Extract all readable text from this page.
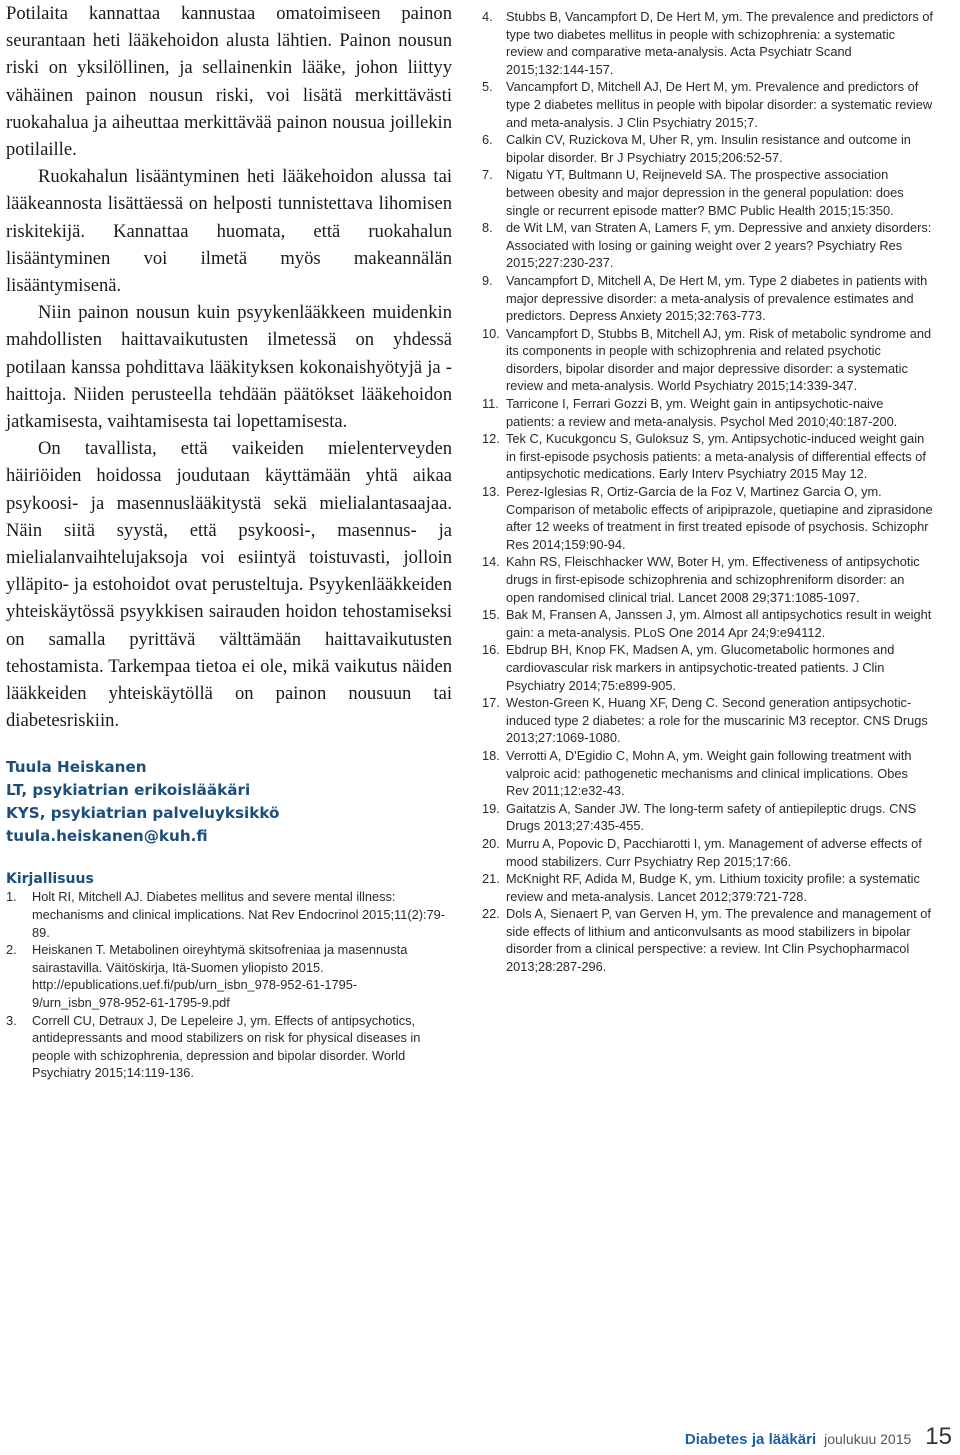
Potilaita kannattaa kannustaa omatoimiseen painon seurantaan heti lääkehoidon alusta lähtien. Painon nousun riski on yksilöllinen, ja sellainenkin lääke, johon liittyy vähäinen painon nousun riski, voi lisätä merkittävästi ruokahalua ja aiheuttaa merkittävää painon nousua joillekin potilaille.

Ruokahalun lisääntyminen heti lääkehoidon alussa tai lääkeannosta lisättäessä on helposti tunnistettava lihomisen riskitekijä. Kannattaa huomata, että ruokahalun lisääntyminen voi ilmetä myös makeannälän lisääntymisenä.

Niin painon nousun kuin psyykenlääkkeen muidenkin mahdollisten haittavaikutusten ilmetessä on yhdessä potilaan kanssa pohdittava lääkityksen kokonaishyötyjä ja -haittoja. Niiden perusteella tehdään päätökset lääkehoidon jatkamisesta, vaihtamisesta tai lopettamisesta.

On tavallista, että vaikeiden mielenterveyden häiriöiden hoidossa joudutaan käyttämään yhtä aikaa psykoosi- ja masennuslääkitystä sekä mielialantasaajaa. Näin siitä syystä, että psykoosi-, masennus- ja mielialanvaihtelujaksoja voi esiintyä toistuvasti, jolloin ylläpito- ja estohoidot ovat perusteltuja. Psyykenlääkkeiden yhteiskäytössä psyykkisen sairauden hoidon tehostamiseksi on samalla pyrittävä välttämään haittavaikutusten tehostamista. Tarkempaa tietoa ei ole, mikä vaikutus näiden lääkkeiden yhteiskäytöllä on painon nousuun tai diabetesriskiin.

Tuula Heiskanen
LT, psykiatrian erikoislääkäri
KYS, psykiatrian palveluyksikkö
tuula.heiskanen@kuh.fi
Kirjallisuus
1. Holt RI, Mitchell AJ. Diabetes mellitus and severe mental illness: mechanisms and clinical implications. Nat Rev Endocrinol 2015;11(2):79-89.
2. Heiskanen T. Metabolinen oireyhtymä skitsofreniaa ja masennusta sairastavilla. Väitöskirja, Itä-Suomen yliopisto 2015. http://epublications.uef.fi/pub/urn_isbn_978-952-61-1795-9/urn_isbn_978-952-61-1795-9.pdf
3. Correll CU, Detraux J, De Lepeleire J, ym. Effects of antipsychotics, antidepressants and mood stabilizers on risk for physical diseases in people with schizophrenia, depression and bipolar disorder. World Psychiatry 2015;14:119-136.
4. Stubbs B, Vancampfort D, De Hert M, ym. The prevalence and predictors of type two diabetes mellitus in people with schizophrenia: a systematic review and comparative meta-analysis. Acta Psychiatr Scand 2015;132:144-157.
5. Vancampfort D, Mitchell AJ, De Hert M, ym. Prevalence and predictors of type 2 diabetes mellitus in people with bipolar disorder: a systematic review and meta-analysis. J Clin Psychiatry 2015;7.
6. Calkin CV, Ruzickova M, Uher R, ym. Insulin resistance and outcome in bipolar disorder. Br J Psychiatry 2015;206:52-57.
7. Nigatu YT, Bultmann U, Reijneveld SA. The prospective association between obesity and major depression in the general population: does single or recurrent episode matter? BMC Public Health 2015;15:350.
8. de Wit LM, van Straten A, Lamers F, ym. Depressive and anxiety disorders: Associated with losing or gaining weight over 2 years? Psychiatry Res 2015;227:230-237.
9. Vancampfort D, Mitchell A, De Hert M, ym. Type 2 diabetes in patients with major depressive disorder: a meta-analysis of prevalence estimates and predictors. Depress Anxiety 2015;32:763-773.
10. Vancampfort D, Stubbs B, Mitchell AJ, ym. Risk of metabolic syndrome and its components in people with schizophrenia and related psychotic disorders, bipolar disorder and major depressive disorder: a systematic review and meta-analysis. World Psychiatry 2015;14:339-347.
11. Tarricone I, Ferrari Gozzi B, ym. Weight gain in antipsychotic-naive patients: a review and meta-analysis. Psychol Med 2010;40:187-200.
12. Tek C, Kucukgoncu S, Guloksuz S, ym. Antipsychotic-induced weight gain in first-episode psychosis patients: a meta-analysis of differential effects of antipsychotic medications. Early Interv Psychiatry 2015 May 12.
13. Perez-Iglesias R, Ortiz-Garcia de la Foz V, Martinez Garcia O, ym. Comparison of metabolic effects of aripiprazole, quetiapine and ziprasidone after 12 weeks of treatment in first treated episode of psychosis. Schizophr Res 2014;159:90-94.
14. Kahn RS, Fleischhacker WW, Boter H, ym. Effectiveness of antipsychotic drugs in first-episode schizophrenia and schizophreniform disorder: an open randomised clinical trial. Lancet 2008 29;371:1085-1097.
15. Bak M, Fransen A, Janssen J, ym. Almost all antipsychotics result in weight gain: a meta-analysis. PLoS One 2014 Apr 24;9:e94112.
16. Ebdrup BH, Knop FK, Madsen A, ym. Glucometabolic hormones and cardiovascular risk markers in antipsychotic-treated patients. J Clin Psychiatry 2014;75:e899-905.
17. Weston-Green K, Huang XF, Deng C. Second generation antipsychotic-induced type 2 diabetes: a role for the muscarinic M3 receptor. CNS Drugs 2013;27:1069-1080.
18. Verrotti A, D'Egidio C, Mohn A, ym. Weight gain following treatment with valproic acid: pathogenetic mechanisms and clinical implications. Obes Rev 2011;12:e32-43.
19. Gaitatzis A, Sander JW. The long-term safety of antiepileptic drugs. CNS Drugs 2013;27:435-455.
20. Murru A, Popovic D, Pacchiarotti I, ym. Management of adverse effects of mood stabilizers. Curr Psychiatry Rep 2015;17:66.
21. McKnight RF, Adida M, Budge K, ym. Lithium toxicity profile: a systematic review and meta-analysis. Lancet 2012;379:721-728.
22. Dols A, Sienaert P, van Gerven H, ym. The prevalence and management of side effects of lithium and anticonvulsants as mood stabilizers in bipolar disorder from a clinical perspective: a review. Int Clin Psychopharmacol 2013;28:287-296.
Diabetes ja lääkäri joulukuu 2015 15
